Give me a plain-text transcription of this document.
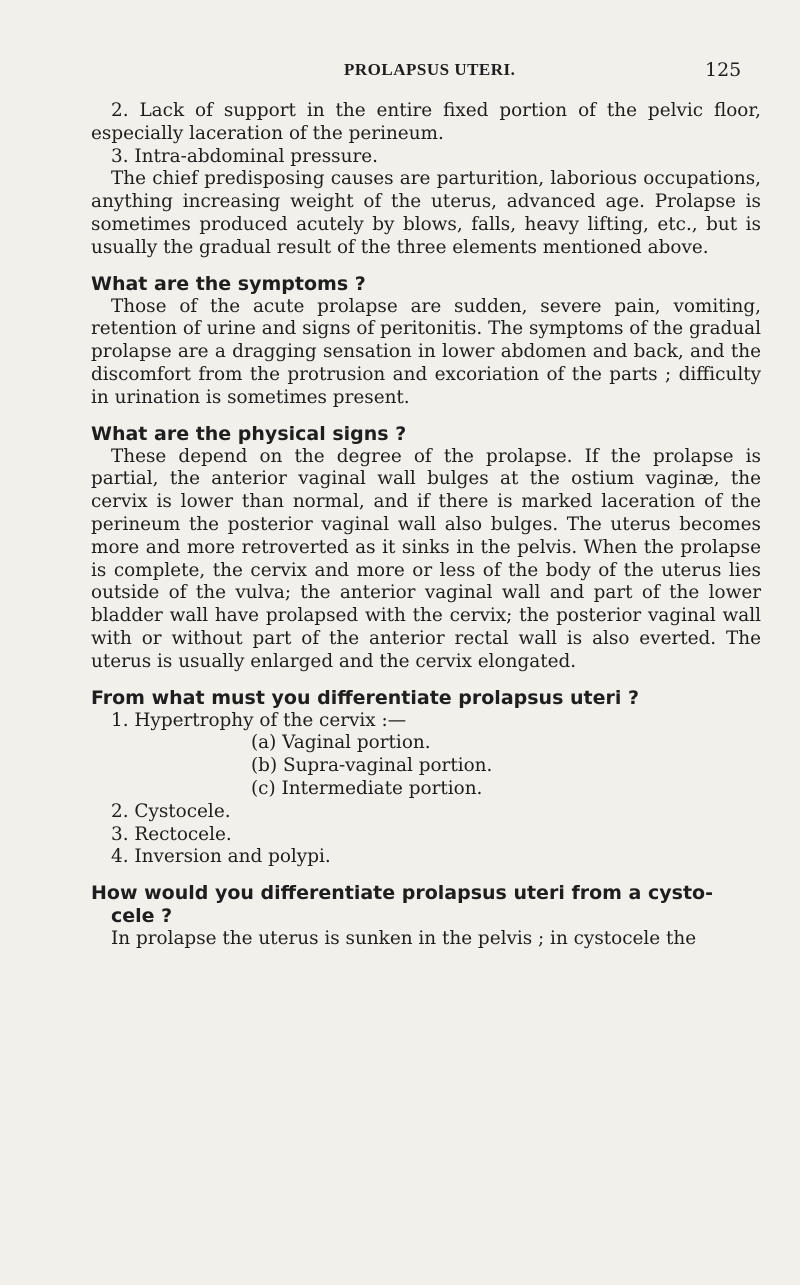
PROLAPSUS UTERI.	125

2. Lack of support in the entire fixed portion of the pelvic floor, especially laceration of the perineum.

3. Intra-abdominal pressure.

The chief predisposing causes are parturition, laborious occupations, anything increasing weight of the uterus, advanced age. Prolapse is sometimes produced acutely by blows, falls, heavy lifting, etc., but is usually the gradual result of the three elements mentioned above.

What are the symptoms ?

Those of the acute prolapse are sudden, severe pain, vomiting, retention of urine and signs of peritonitis. The symptoms of the gradual prolapse are a dragging sensation in lower abdomen and back, and the discomfort from the protrusion and excoriation of the parts ; difficulty in urination is sometimes present.

What are the physical signs ?

These depend on the degree of the prolapse. If the prolapse is partial, the anterior vaginal wall bulges at the ostium vaginæ, the cervix is lower than normal, and if there is marked laceration of the perineum the posterior vaginal wall also bulges. The uterus becomes more and more retroverted as it sinks in the pelvis. When the prolapse is complete, the cervix and more or less of the body of the uterus lies outside of the vulva; the anterior vaginal wall and part of the lower bladder wall have prolapsed with the cervix; the posterior vaginal wall with or without part of the anterior rectal wall is also everted. The uterus is usually enlarged and the cervix elongated.

From what must you differentiate prolapsus uteri ?

1. Hypertrophy of the cervix :—

(a) Vaginal portion.

(b) Supra-vaginal portion.

(c) Intermediate portion.

2. Cystocele.

3. Rectocele.

4. Inversion and polypi.

How would you differentiate prolapsus uteri from a cysto-

cele ?

In prolapse the uterus is sunken in the pelvis ; in cystocele the
